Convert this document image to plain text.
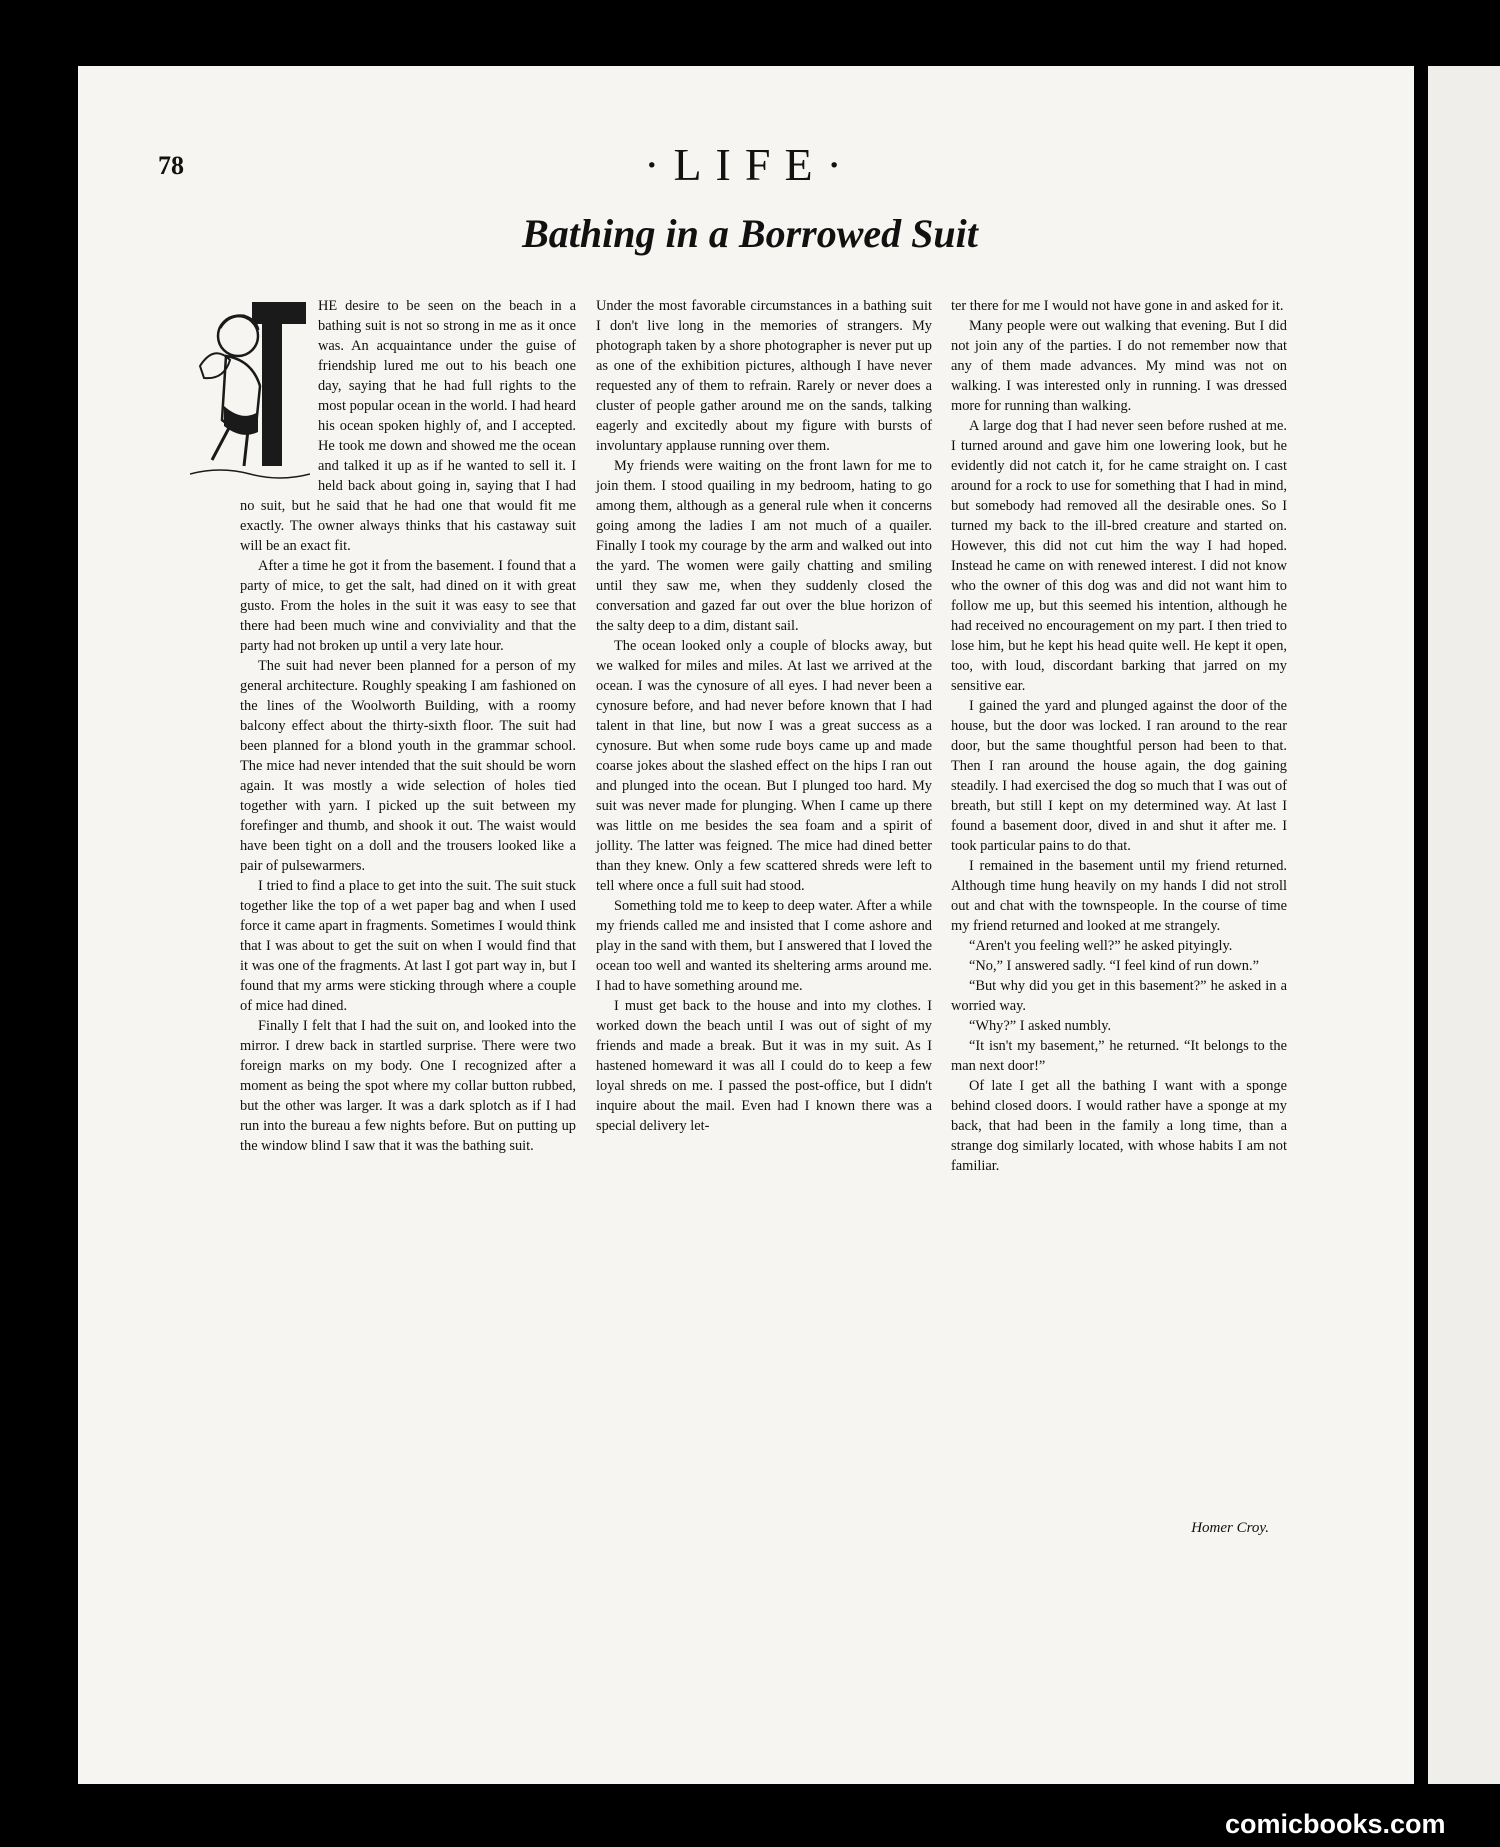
78	·LIFE·
Bathing in a Borrowed Suit

HE desire to be seen on the beach in a bathing suit is not so strong in me as it once was. An acquaintance under the guise of friendship lured me out to his beach one day, saying that he had full rights to the most popular ocean in the world. I had heard his ocean spoken highly of, and I accepted. He took me down and showed me the ocean and talked it up as if he wanted to sell it. I held back about going in, saying that I had no suit, but he said that he had one that would fit me exactly. The owner always thinks that his castaway suit will be an exact fit.

After a time he got it from the basement. I found that a party of mice, to get the salt, had dined on it with great gusto. From the holes in the suit it was easy to see that there had been much wine and conviviality and that the party had not broken up until a very late hour.

The suit had never been planned for a person of my general architecture. Roughly speaking I am fashioned on the lines of the Woolworth Building, with a roomy balcony effect about the thirty-sixth floor. The suit had been planned for a blond youth in the grammar school. The mice had never intended that the suit should be worn again. It was mostly a wide selection of holes tied together with yarn. I picked up the suit between my forefinger and thumb, and shook it out. The waist would have been tight on a doll and the trousers looked like a pair of pulsewarmers.

I tried to find a place to get into the suit. The suit stuck together like the top of a wet paper bag and when I used force it came apart in fragments. Sometimes I would think that I was about to get the suit on when I would find that it was one of the fragments. At last I got part way in, but I found that my arms were sticking through where a couple of mice had dined.

Finally I felt that I had the suit on, and looked into the mirror. I drew back in startled surprise. There were two foreign marks on my body. One I recognized after a moment as being the spot where my collar button rubbed, but the other was larger. It was a dark splotch as if I had run into the bureau a few nights before. But on putting up the window blind I saw that it was the bathing suit.

Under the most favorable circumstances in a bathing suit I don't live long in the memories of strangers. My photograph taken by a shore photographer is never put up as one of the exhibition pictures, although I have never requested any of them to refrain. Rarely or never does a cluster of people gather around me on the sands, talking eagerly and excitedly about my figure with bursts of involuntary applause running over them.

My friends were waiting on the front lawn for me to join them. I stood quailing in my bedroom, hating to go among them, although as a general rule when it concerns going among the ladies I am not much of a quailer. Finally I took my courage by the arm and walked out into the yard. The women were gaily chatting and smiling until they saw me, when they suddenly closed the conversation and gazed far out over the blue horizon of the salty deep to a dim, distant sail.

The ocean looked only a couple of blocks away, but we walked for miles and miles. At last we arrived at the ocean. I was the cynosure of all eyes. I had never been a cynosure before, and had never before known that I had talent in that line, but now I was a great success as a cynosure. But when some rude boys came up and made coarse jokes about the slashed effect on the hips I ran out and plunged into the ocean. But I plunged too hard. My suit was never made for plunging. When I came up there was little on me besides the sea foam and a spirit of jollity. The latter was feigned. The mice had dined better than they knew. Only a few scattered shreds were left to tell where once a full suit had stood.

Something told me to keep to deep water. After a while my friends called me and insisted that I come ashore and play in the sand with them, but I answered that I loved the ocean too well and wanted its sheltering arms around me. I had to have something around me.

I must get back to the house and into my clothes. I worked down the beach until I was out of sight of my friends and made a break. But it was in my suit. As I hastened homeward it was all I could do to keep a few loyal shreds on me. I passed the post-office, but I didn't inquire about the mail. Even had I known there was a special delivery let-

ter there for me I would not have gone in and asked for it.

Many people were out walking that evening. But I did not join any of the parties. I do not remember now that any of them made advances. My mind was not on walking. I was interested only in running. I was dressed more for running than walking.

A large dog that I had never seen before rushed at me. I turned around and gave him one lowering look, but he evidently did not catch it, for he came straight on. I cast around for a rock to use for something that I had in mind, but somebody had removed all the desirable ones. So I turned my back to the ill-bred creature and started on. However, this did not cut him the way I had hoped. Instead he came on with renewed interest. I did not know who the owner of this dog was and did not want him to follow me up, but this seemed his intention, although he had received no encouragement on my part. I then tried to lose him, but he kept his head quite well. He kept it open, too, with loud, discordant barking that jarred on my sensitive ear.

I gained the yard and plunged against the door of the house, but the door was locked. I ran around to the rear door, but the same thoughtful person had been to that. Then I ran around the house again, the dog gaining steadily. I had exercised the dog so much that I was out of breath, but still I kept on my determined way. At last I found a basement door, dived in and shut it after me. I took particular pains to do that.

I remained in the basement until my friend returned. Although time hung heavily on my hands I did not stroll out and chat with the townspeople. In the course of time my friend returned and looked at me strangely.

“Aren't you feeling well?” he asked pityingly.

“No,” I answered sadly. “I feel kind of run down.”

“But why did you get in this basement?” he asked in a worried way.

“Why?” I asked numbly.

“It isn't my basement,” he returned. “It belongs to the man next door!”

Of late I get all the bathing I want with a sponge behind closed doors. I would rather have a sponge at my back, that had been in the family a long time, than a strange dog similarly located, with whose habits I am not familiar.

Homer Croy.
comicbooks.com
